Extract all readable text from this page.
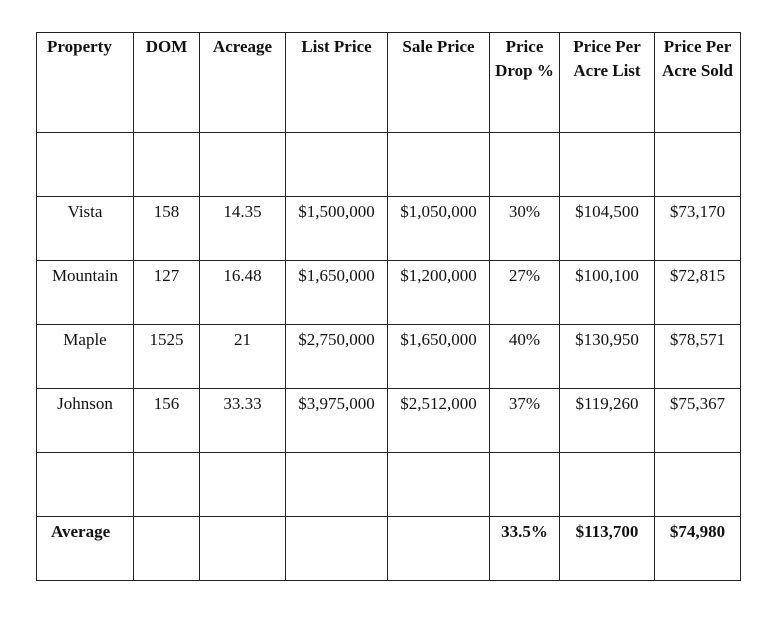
Property	DOM	Acreage	List Price	Sale Price	Price Drop %	Price Per Acre List	Price Per Acre Sold

Vista	158	14.35	$1,500,000	$1,050,000	30%	$104,500	$73,170
Mountain	127	16.48	$1,650,000	$1,200,000	27%	$100,100	$72,815
Maple	1525	21	$2,750,000	$1,650,000	40%	$130,950	$78,571
Johnson	156	33.33	$3,975,000	$2,512,000	37%	$119,260	$75,367

Average					33.5%	$113,700	$74,980
